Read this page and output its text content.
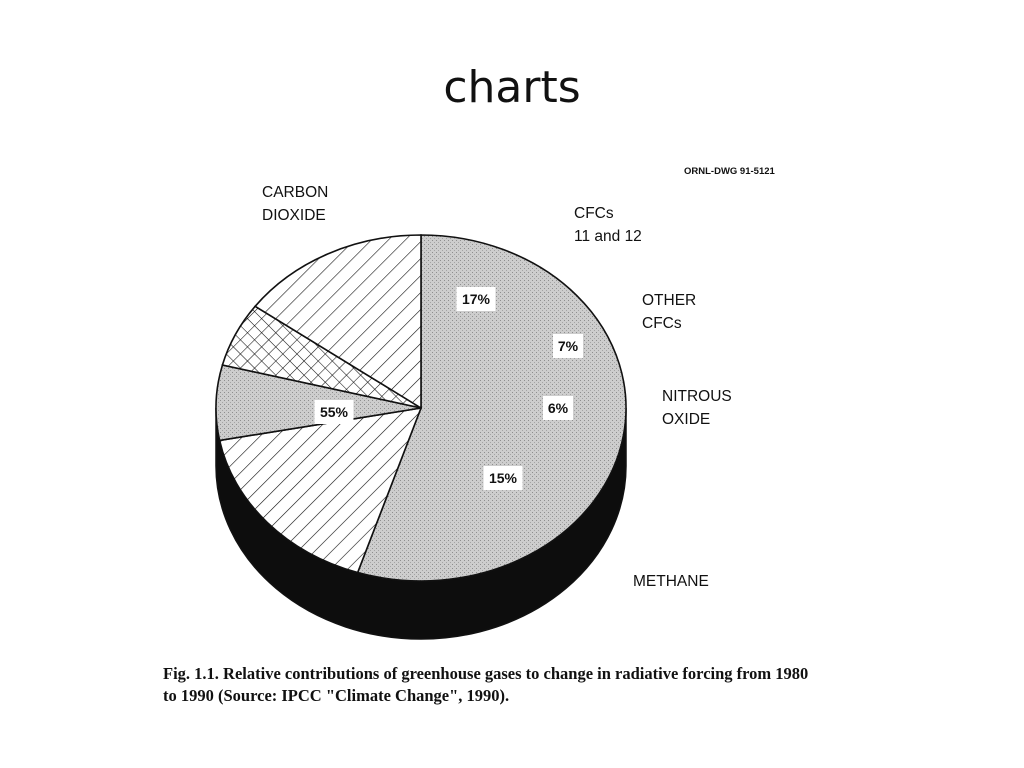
charts
55%
CARBON
DIOXIDE
17%
CFCs
11 and 12
7%
OTHER
CFCs
6%
NITROUS
OXIDE
15%
METHANE
ORNL-DWG 91-5121
Fig. 1.1. Relative contributions of greenhouse gases to change in radiative forcing from 1980
to 1990 (Source: IPCC "Climate Change", 1990).
